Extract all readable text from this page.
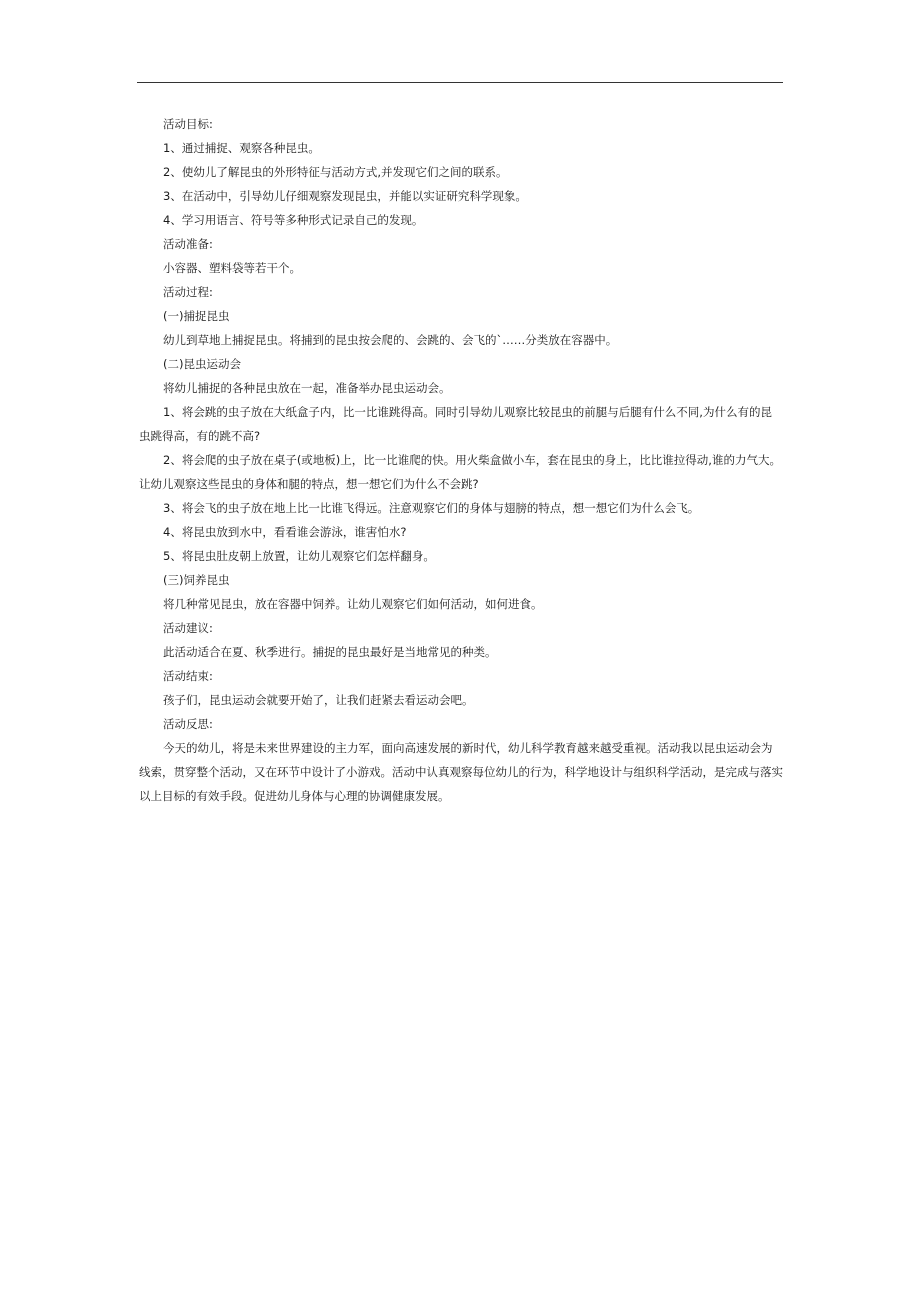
活动目标:

1、通过捕捉、观察各种昆虫。

2、使幼儿了解昆虫的外形特征与活动方式,并发现它们之间的联系。

3、在活动中，引导幼儿仔细观察发现昆虫，并能以实证研究科学现象。

4、学习用语言、符号等多种形式记录自己的发现。

活动准备:

小容器、塑料袋等若干个。

活动过程:

(一)捕捉昆虫

幼儿到草地上捕捉昆虫。将捕到的昆虫按会爬的、会跳的、会飞的`……分类放在容器中。

(二)昆虫运动会

将幼儿捕捉的各种昆虫放在一起，准备举办昆虫运动会。

1、将会跳的虫子放在大纸盒子内，比一比谁跳得高。同时引导幼儿观察比较昆虫的前腿与后腿有什么不同,为什么有的昆虫跳得高，有的跳不高?

2、将会爬的虫子放在桌子(或地板)上，比一比谁爬的快。用火柴盒做小车，套在昆虫的身上，比比谁拉得动,谁的力气大。让幼儿观察这些昆虫的身体和腿的特点，想一想它们为什么不会跳?

3、将会飞的虫子放在地上比一比谁飞得远。注意观察它们的身体与翅膀的特点，想一想它们为什么会飞。

4、将昆虫放到水中，看看谁会游泳，谁害怕水?

5、将昆虫肚皮朝上放置，让幼儿观察它们怎样翻身。

(三)饲养昆虫

将几种常见昆虫，放在容器中饲养。让幼儿观察它们如何活动，如何进食。

活动建议:

此活动适合在夏、秋季进行。捕捉的昆虫最好是当地常见的种类。

活动结束:

孩子们，昆虫运动会就要开始了，让我们赶紧去看运动会吧。

活动反思:

今天的幼儿，将是未来世界建设的主力军，面向高速发展的新时代，幼儿科学教育越来越受重视。活动我以昆虫运动会为线索，贯穿整个活动，又在环节中设计了小游戏。活动中认真观察每位幼儿的行为，科学地设计与组织科学活动，是完成与落实以上目标的有效手段。促进幼儿身体与心理的协调健康发展。
